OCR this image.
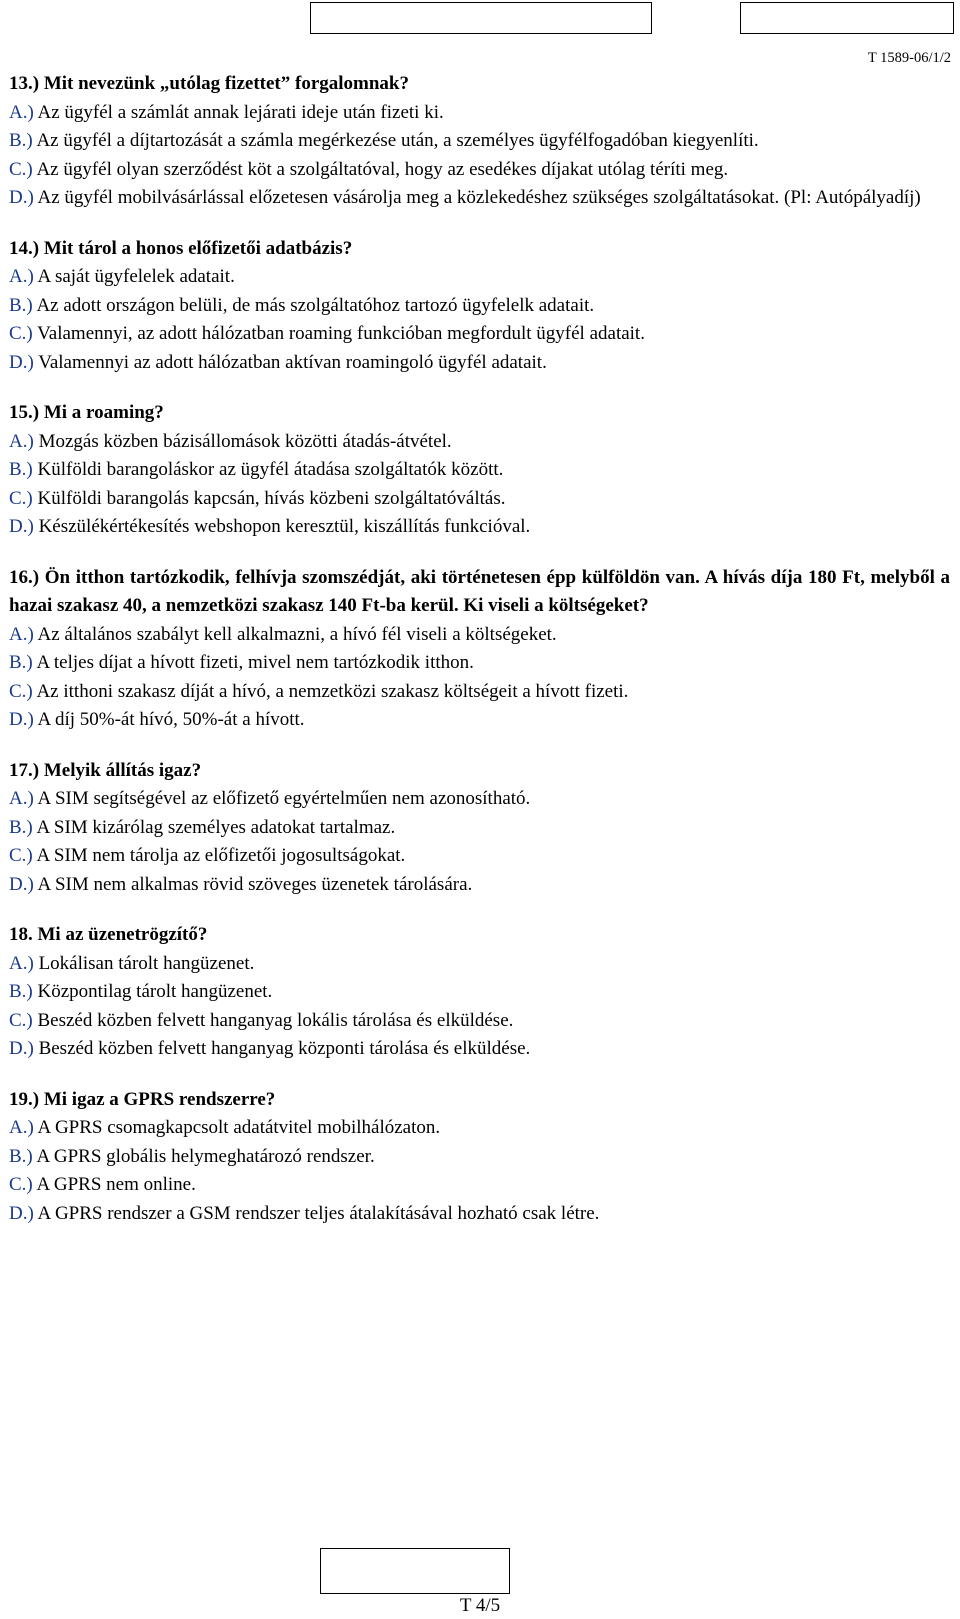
T 1589-06/1/2
13.) Mit nevezünk „utólag fizettet” forgalomnak?
A.) Az ügyfél a számlát annak lejárati ideje után fizeti ki.
B.) Az ügyfél a díjtartozását a számla megérkezése után, a személyes ügyfélfogadóban kiegyenlíti.
C.) Az ügyfél olyan szerződést köt a szolgáltatóval, hogy az esedékes díjakat utólag téríti meg.
D.) Az ügyfél mobilvásárlással előzetesen vásárolja meg a közlekedéshez szükséges szolgáltatásokat. (Pl: Autópályadíj)
14.) Mit tárol a honos előfizetői adatbázis?
A.) A saját ügyfelelek adatait.
B.) Az adott országon belüli, de más szolgáltatóhoz tartozó ügyfelelk adatait.
C.) Valamennyi, az adott hálózatban roaming funkcióban megfordult ügyfél adatait.
D.) Valamennyi az adott hálózatban aktívan roamingoló ügyfél adatait.
15.) Mi a roaming?
A.) Mozgás közben bázisállomások közötti átadás-átvétel.
B.) Külföldi barangoláskor az ügyfél átadása szolgáltatók között.
C.) Külföldi barangolás kapcsán, hívás közbeni szolgáltatóváltás.
D.) Készülékértékesítés webshopon keresztül, kiszállítás funkcióval.
16.) Ön itthon tartózkodik, felhívja szomszédját, aki történetesen épp külföldön van. A hívás díja 180 Ft, melyből a hazai szakasz 40, a nemzetközi szakasz 140 Ft-ba kerül. Ki viseli a költségeket?
A.) Az általános szabályt kell alkalmazni, a hívó fél viseli a költségeket.
B.) A teljes díjat a hívott fizeti, mivel nem tartózkodik itthon.
C.) Az itthoni szakasz díját a hívó, a nemzetközi szakasz költségeit a hívott fizeti.
D.) A díj 50%-át hívó, 50%-át a hívott.
17.) Melyik állítás igaz?
A.) A SIM segítségével az előfizető egyértelműen nem azonosítható.
B.) A SIM kizárólag személyes adatokat tartalmaz.
C.) A SIM nem tárolja az előfizetői jogosultságokat.
D.) A SIM nem alkalmas rövid szöveges üzenetek tárolására.
18. Mi az üzenetrögzítő?
A.) Lokálisan tárolt hangüzenet.
B.) Központilag tárolt hangüzenet.
C.) Beszéd közben felvett hanganyag lokális tárolása és elküldése.
D.) Beszéd közben felvett hanganyag központi tárolása és elküldése.
19.) Mi igaz a GPRS rendszerre?
A.) A GPRS csomagkapcsolt adatátvitel mobilhálózaton.
B.) A GPRS globális helymeghatározó rendszer.
C.) A GPRS nem online.
D.) A GPRS rendszer a GSM rendszer teljes átalakításával hozható csak létre.
T 4/5
